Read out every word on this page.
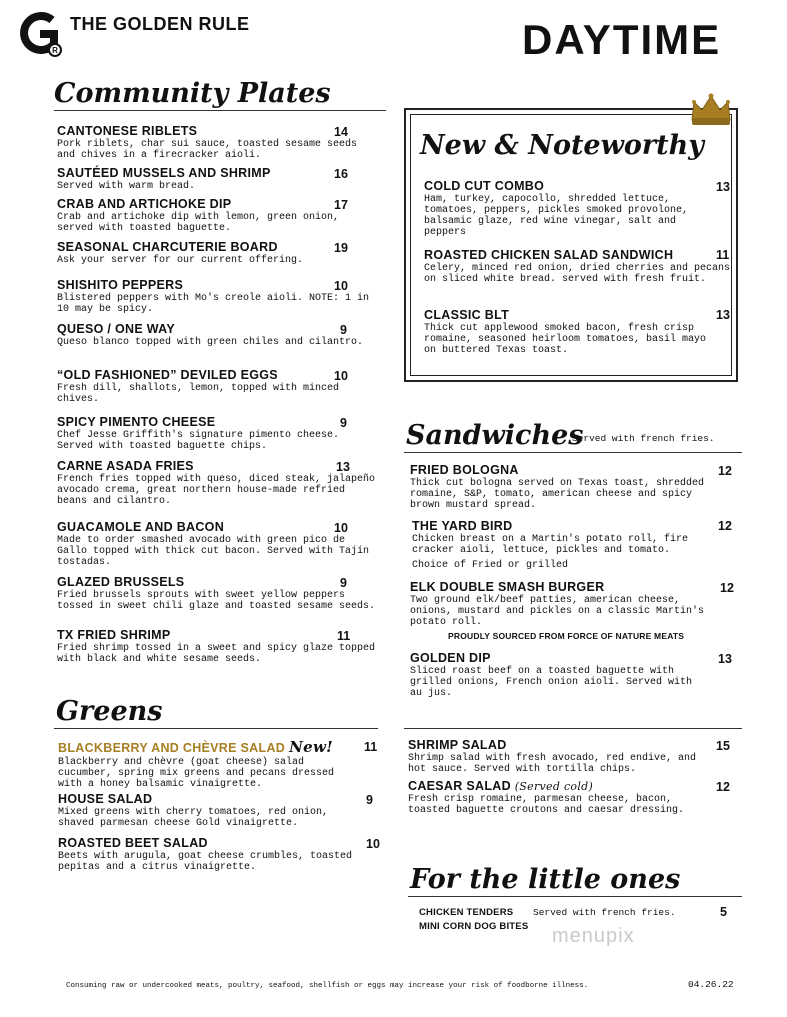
R
THE GOLDEN RULE	DAYTIME
Community Plates
CANTONESE RIBLETS
Pork riblets, char sui sauce, toasted sesame seeds and chives in a firecracker aioli.
14
SAUTÉED MUSSELS AND SHRIMP
Served with warm bread.
16
CRAB AND ARTICHOKE DIP
Crab and artichoke dip with lemon, green onion, served with toasted baguette.
17
SEASONAL CHARCUTERIE BOARD
Ask your server for our current offering.
19
SHISHITO PEPPERS
Blistered peppers with Mo's creole aioli. NOTE: 1 in 10 may be spicy.
10
QUESO / ONE WAY
Queso blanco topped with green chiles and cilantro.
9
“OLD FASHIONED” DEVILED EGGS
Fresh dill, shallots, lemon, topped with minced chives.
10
SPICY PIMENTO CHEESE
Chef Jesse Griffith's signature pimento cheese. Served with toasted baguette chips.
9
CARNE ASADA FRIES
French fries topped with queso, diced steak, jalapeño avocado crema, great northern house-made refried beans and cilantro.
13
GUACAMOLE AND BACON
Made to order smashed avocado with green pico de Gallo topped with thick cut bacon. Served with Tajín tostadas.
10
GLAZED BRUSSELS
Fried brussels sprouts with sweet yellow peppers tossed in sweet chili glaze and toasted sesame seeds.
9
TX FRIED SHRIMP
Fried shrimp tossed in a sweet and spicy glaze topped with black and white sesame seeds.
11
Greens
BLACKBERRY AND CHÈVRE SALAD New!
Blackberry and chèvre (goat cheese) salad cucumber, spring mix greens and pecans dressed with a honey balsamic vinaigrette.
11
HOUSE SALAD
Mixed greens with cherry tomatoes, red onion, shaved parmesan cheese Gold vinaigrette.
9
ROASTED BEET SALAD
Beets with arugula, goat cheese crumbles, toasted pepitas and a citrus vinaigrette.
10
New & Noteworthy
COLD CUT COMBO
Ham, turkey, capocollo, shredded lettuce, tomatoes, peppers, pickles smoked provolone, balsamic glaze, red wine vinegar, salt and peppers
13
ROASTED CHICKEN SALAD SANDWICH
Celery, minced red onion, dried cherries and pecans on sliced white bread. served with fresh fruit.
11
CLASSIC BLT
Thick cut applewood smoked bacon, fresh crisp romaine, seasoned heirloom tomatoes, basil mayo on buttered Texas toast.
13
Sandwiches
Served with french fries.
FRIED BOLOGNA
Thick cut bologna served on Texas toast, shredded romaine, S&P, tomato, american cheese and spicy brown mustard spread.
12
THE YARD BIRD
Chicken breast on a Martin's potato roll, fire cracker aioli, lettuce, pickles and tomato.
Choice of Fried or grilled
12
ELK DOUBLE SMASH BURGER
Two ground elk/beef patties, american cheese, onions, mustard and pickles on a classic Martin's potato roll.
PROUDLY SOURCED FROM FORCE OF NATURE MEATS
12
GOLDEN DIP
Sliced roast beef on a toasted baguette with grilled onions, French onion aioli. Served with au jus.
13
SHRIMP SALAD
Shrimp salad with fresh avocado, red endive, and hot sauce. Served with tortilla chips.
15
CAESAR SALAD (Served cold)
Fresh crisp romaine, parmesan cheese, bacon, toasted baguette croutons and caesar dressing.
12
For the little ones
CHICKEN TENDERS Served with french fries.	5
MINI CORN DOG BITES menupix
Consuming raw or undercooked meats, poultry, seafood, shellfish or eggs may increase your risk of foodborne illness.	04.26.22
